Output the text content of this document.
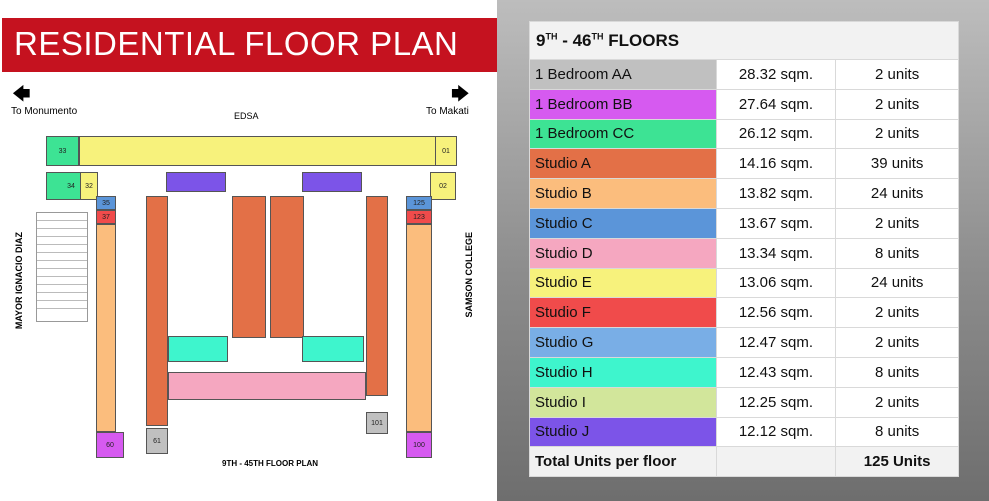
RESIDENTIAL FLOOR PLAN
🡄
To Monumento
🡆
To Makati
EDSA
MAYOR IGNACIO DIAZ	SAMSON COLLEGE
33	01
34	32	02
35
37
60
125
123
100
61
101
9TH - 45TH FLOOR PLAN
9TH - 46TH FLOORS		
1 Bedroom AA	28.32 sqm.	2 units
1 Bedroom BB	27.64 sqm.	2 units
1 Bedroom CC	26.12 sqm.	2 units
Studio A	14.16 sqm.	39 units
Studio B	13.82 sqm.	24 units
Studio C	13.67 sqm.	2 units
Studio D	13.34 sqm.	8 units
Studio E	13.06 sqm.	24 units
Studio F	12.56 sqm.	2 units
Studio G	12.47 sqm.	2 units
Studio H	12.43 sqm.	8 units
Studio I	12.25 sqm.	2 units
Studio J	12.12 sqm.	8 units
Total Units per floor		125 Units
